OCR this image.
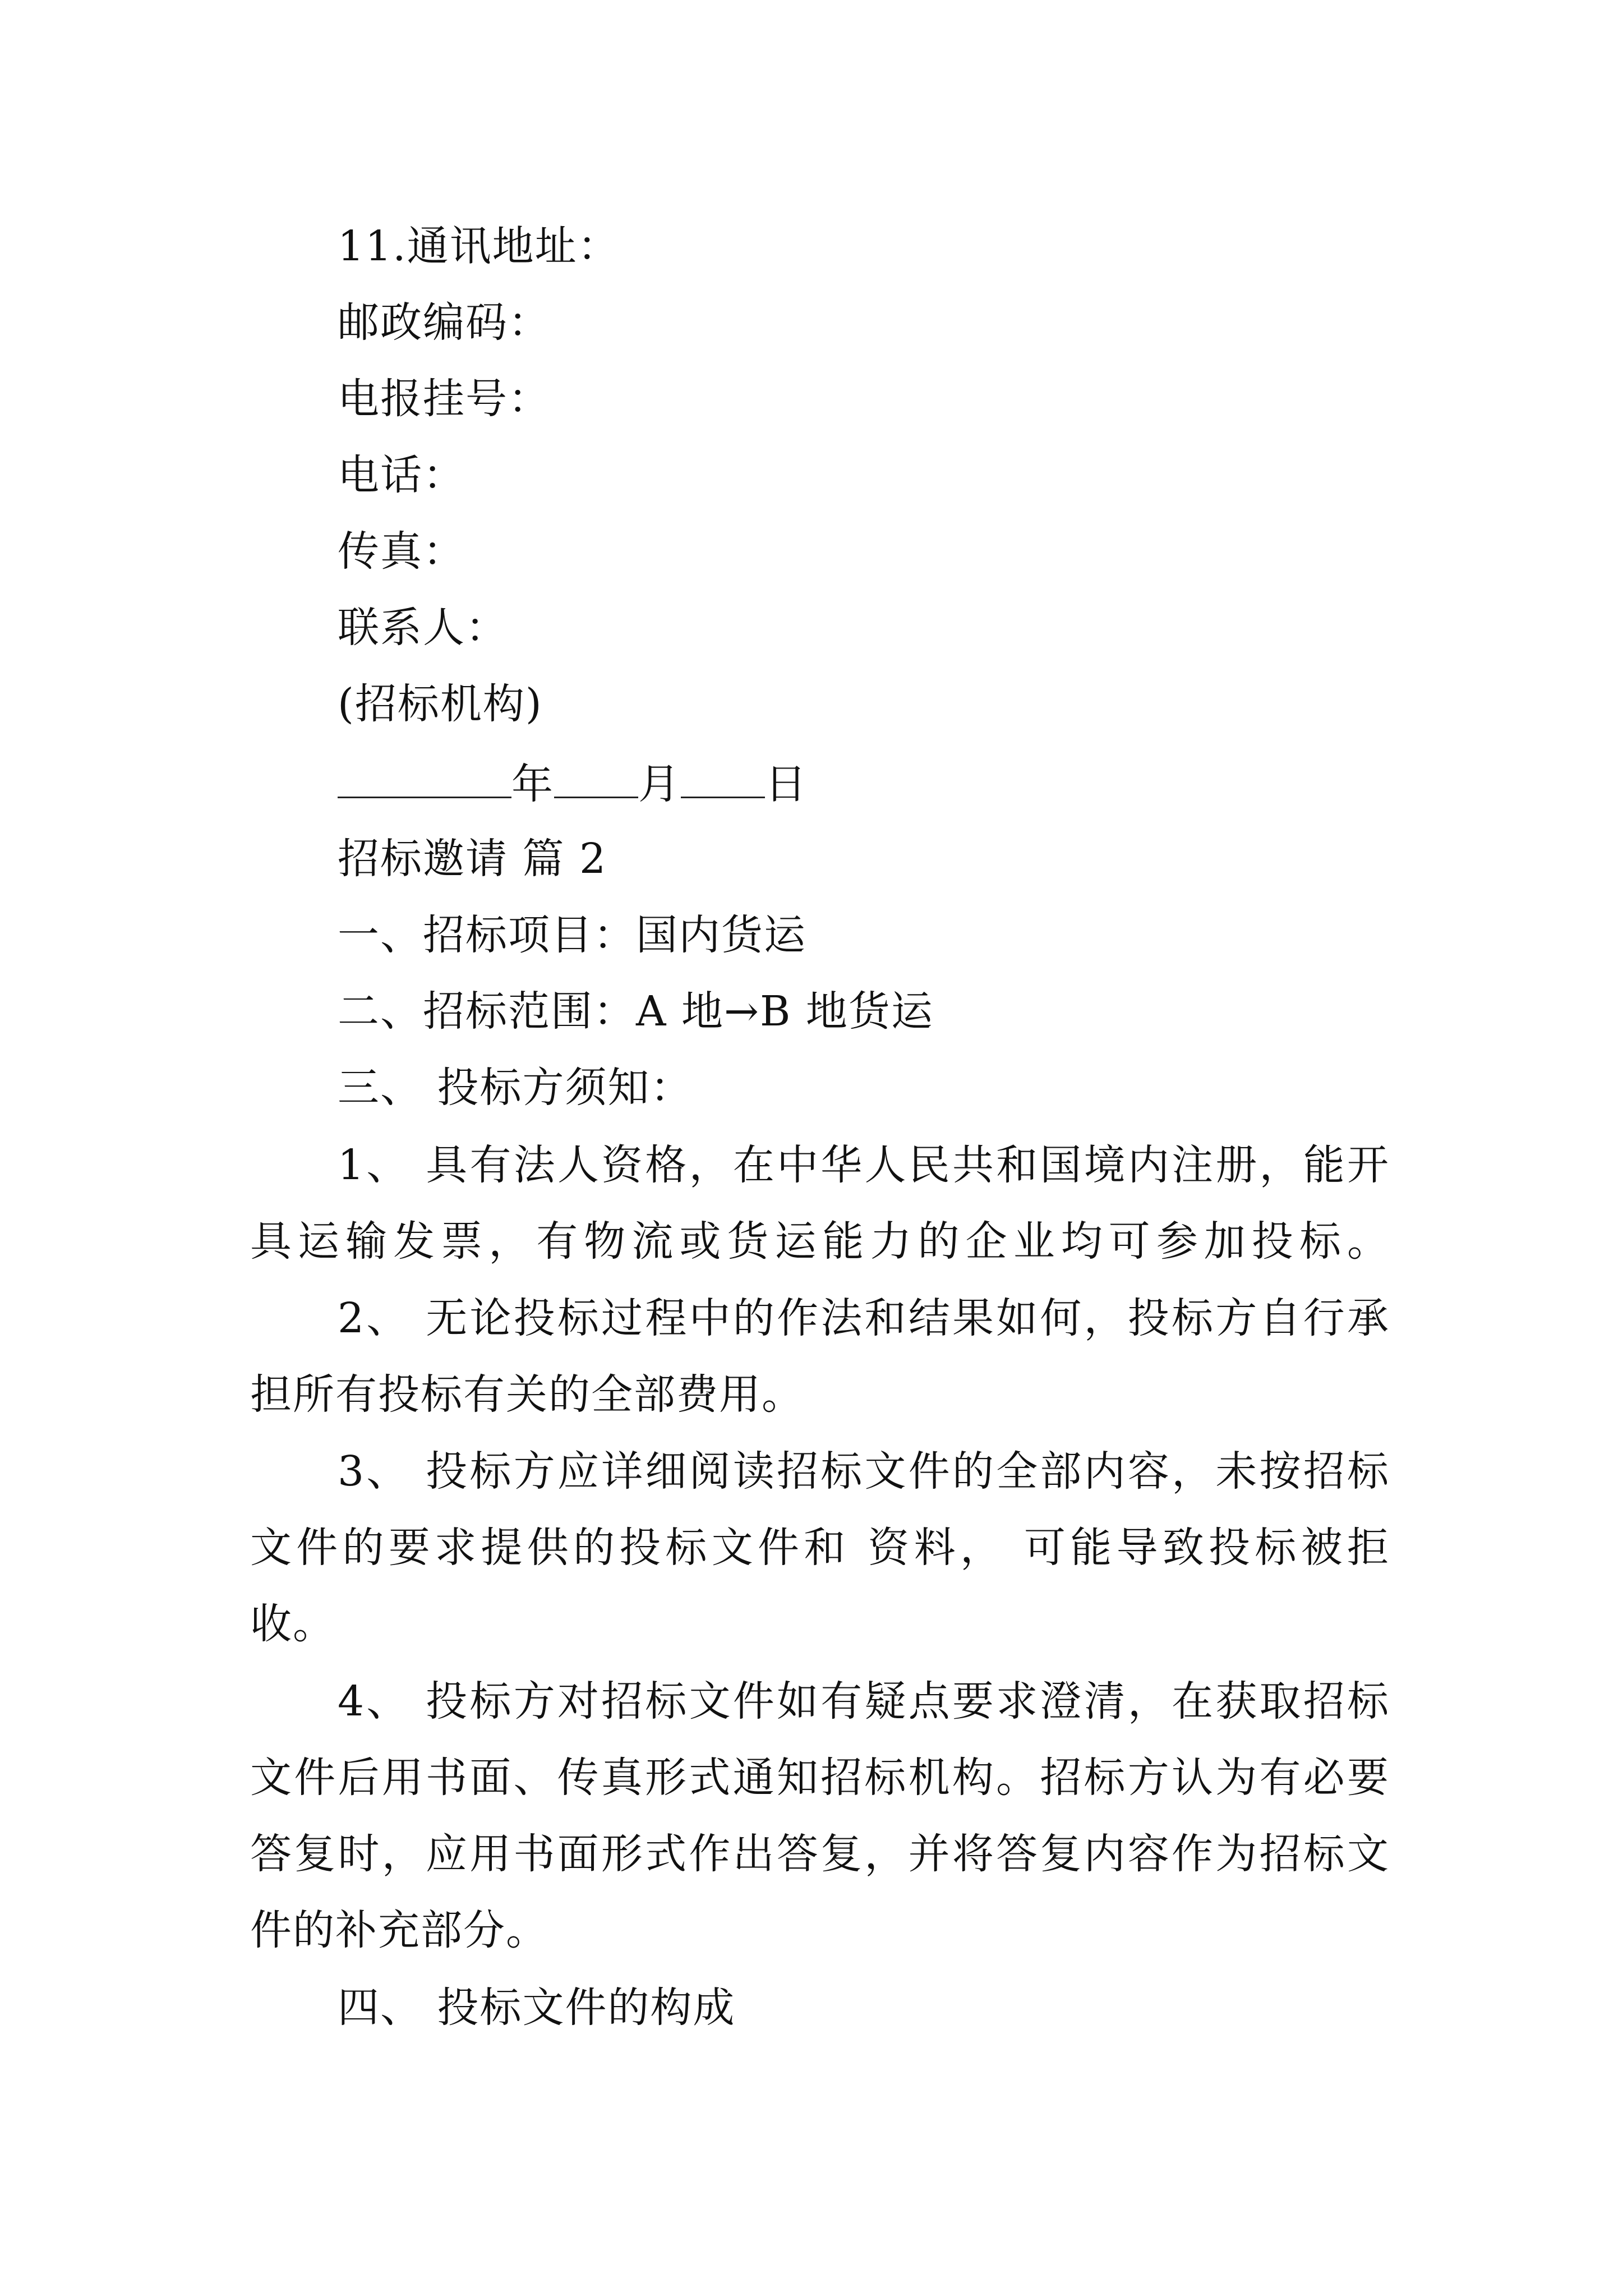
11.通讯地址：
邮政编码：
电报挂号：
电话：
传真：
联系人：
(招标机构)
年 月 日
招标邀请 篇 2
一、招标项目：国内货运
二、招标范围：A 地→B 地货运
三、 投标方须知：
1、 具有法人资格，在中华人民共和国境内注册，能开
具运输发票，有物流或货运能力的企业均可参加投标。
2、 无论投标过程中的作法和结果如何，投标方自行承
担所有投标有关的全部费用。
3、 投标方应详细阅读招标文件的全部内容，未按招标
文件的要求提供的投标文件和 资料， 可能导致投标被拒
收。
4、 投标方对招标文件如有疑点要求澄清，在获取招标
文件后用书面、传真形式通知招标机构。招标方认为有必要
答复时，应用书面形式作出答复，并将答复内容作为招标文
件的补充部分。
四、 投标文件的构成
